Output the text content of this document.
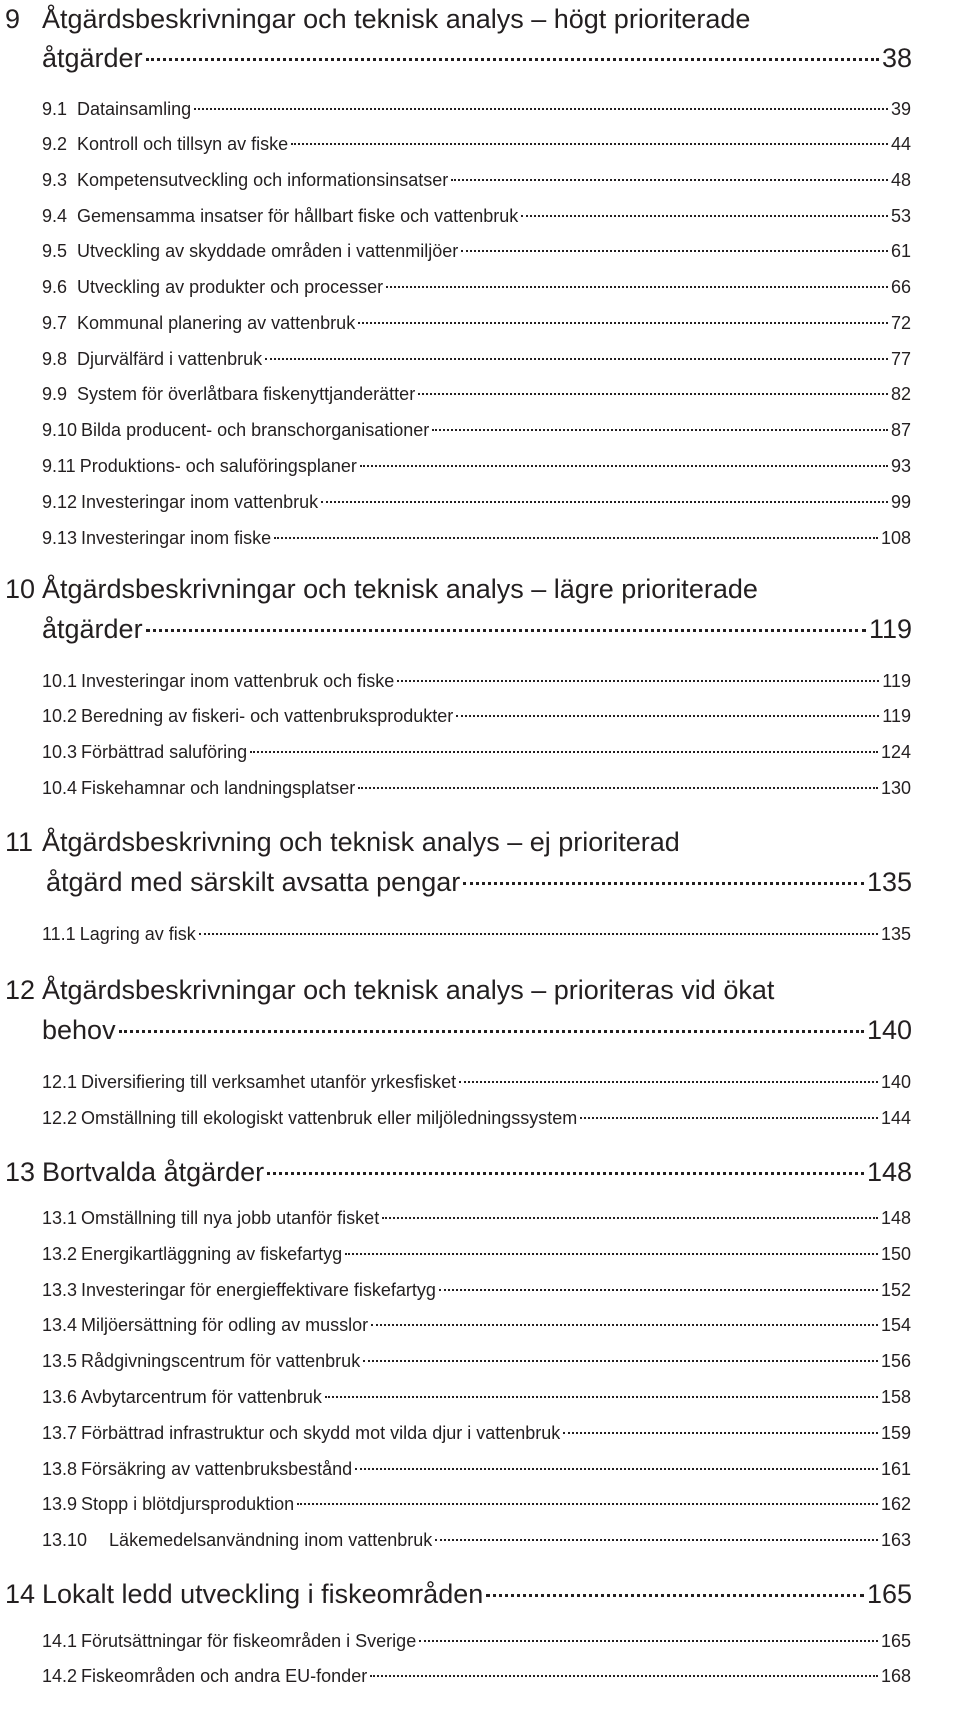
9 Åtgärdsbeskrivningar och teknisk analys – högt prioriterade
åtgärder	38
9.1 Datainsamling	39
9.2 Kontroll och tillsyn av fiske	44
9.3 Kompetensutveckling och informationsinsatser	48
9.4 Gemensamma insatser för hållbart fiske och vattenbruk	53
9.5 Utveckling av skyddade områden i vattenmiljöer	61
9.6 Utveckling av produkter och processer	66
9.7 Kommunal planering av vattenbruk	72
9.8 Djurvälfärd i vattenbruk	77
9.9 System för överlåtbara fiskenyttjanderätter	82
9.10 Bilda producent- och branschorganisationer	87
9.11 Produktions- och saluföringsplaner	93
9.12 Investeringar inom vattenbruk	99
9.13 Investeringar inom fiske	108
10 Åtgärdsbeskrivningar och teknisk analys – lägre prioriterade
åtgärder	119
10.1 Investeringar inom vattenbruk och fiske	119
10.2 Beredning av fiskeri- och vattenbruksprodukter	119
10.3 Förbättrad saluföring	124
10.4 Fiskehamnar och landningsplatser	130
11 Åtgärdsbeskrivning och teknisk analys – ej prioriterad
åtgärd med särskilt avsatta pengar	135
11.1 Lagring av fisk	135
12 Åtgärdsbeskrivningar och teknisk analys – prioriteras vid ökat
behov	140
12.1 Diversifiering till verksamhet utanför yrkesfisket	140
12.2 Omställning till ekologiskt vattenbruk eller miljöledningssystem	144
13 Bortvalda åtgärder	148
13.1 Omställning till nya jobb utanför fisket	148
13.2 Energikartläggning av fiskefartyg	150
13.3 Investeringar för energieffektivare fiskefartyg	152
13.4 Miljöersättning för odling av musslor	154
13.5 Rådgivningscentrum för vattenbruk	156
13.6 Avbytarcentrum för vattenbruk	158
13.7 Förbättrad infrastruktur och skydd mot vilda djur i vattenbruk	159
13.8 Försäkring av vattenbruksbestånd	161
13.9 Stopp i blötdjursproduktion	162
13.10	Läkemedelsanvändning inom vattenbruk	163
14 Lokalt ledd utveckling i fiskeområden	165
14.1 Förutsättningar för fiskeområden i Sverige	165
14.2 Fiskeområden och andra EU-fonder	168
